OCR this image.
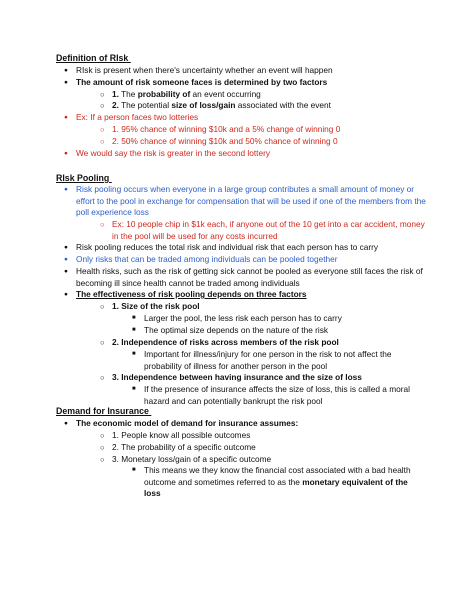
Definition of RIsk
● RIsk is present when there's uncertainty whether an event will happen
● The amount of risk someone faces is determined by two factors
○ 1. The probability of an event occurring
○ 2. The potential size of loss/gain associated with the event
● Ex: If a person faces two lotteries
○ 1. 95% chance of winning $10k and a 5% change of winning 0
○ 2. 50% chance of winning $10k and 50% chance of winning 0
● We would say the risk is greater in the second lottery
RIsk Pooling
● Risk pooling occurs when everyone in a large group contributes a small amount of money or effort to the pool in exchange for compensation that will be used if one of the members from the poll experience loss
○ Ex: 10 people chip in $1k each, if anyone out of the 10 get into a car accident, money in the pool will be used for any costs incurred
● Risk pooling reduces the total risk and individual risk that each person has to carry
● Only risks that can be traded among individuals can be pooled together
● Health risks, such as the risk of getting sick cannot be pooled as everyone still faces the risk of becoming ill since health cannot be traded among individuals
● The effectiveness of risk pooling depends on three factors
○ 1. Size of the risk pool
■	Larger the pool, the less risk each person has to carry
■	The optimal size depends on the nature of the risk
○ 2. Independence of risks across members of the risk pool
■	Important for illness/injury for one person in the risk to not affect the probability of illness for another person in the pool
○ 3. Independence between having insurance and the size of loss
■	If the presence of insurance affects the size of loss, this is called a moral hazard and can potentially bankrupt the risk pool
Demand for Insurance
● The economic model of demand for insurance assumes:
○ 1. People know all possible outcomes
○ 2. The probability of a specific outcome
○ 3. Monetary loss/gain of a specific outcome
■	This means we they know the financial cost associated with a bad health outcome and sometimes referred to as the monetary equivalent of the loss
